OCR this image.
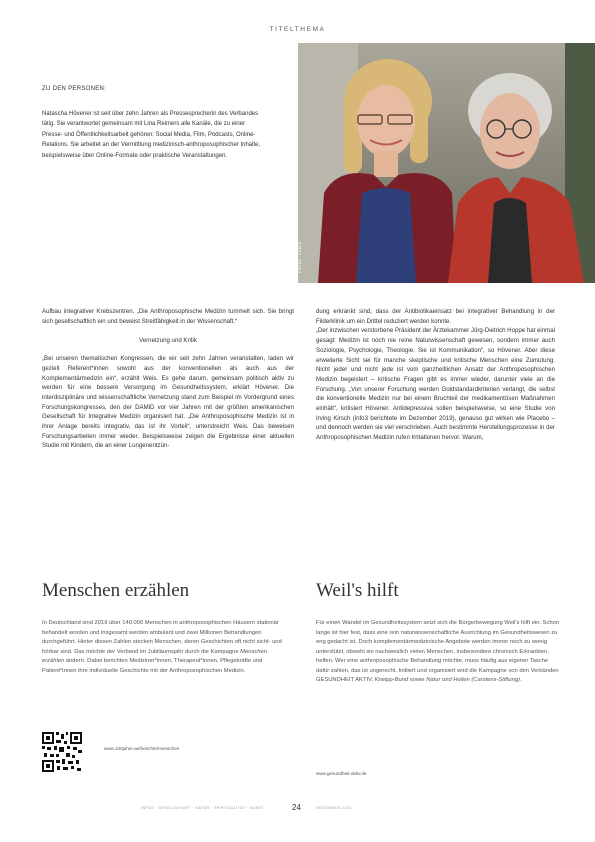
TITELTHEMA
ZU DEN PERSONEN:

Natascha Hövener ist seit über zehn Jahren als Pressesprecherin des Verbandes tätig. Sie verantwortet gemeinsam mit Lina Reimers alle Kanäle, die zu einer Presse- und Öffentlichkeitsarbeit gehören: Social Media, Film, Podcasts, Online-Relations. Sie arbeitet an der Vermittlung medizinisch-anthroposophischer Inhalte, beispielsweise über Online-Formate oder praktische Veranstaltungen.

FOTOS: DAMID

Aufbau integrativer Krebszentren. „Die Anthroposophische Medizin tummelt sich. Sie bringt sich gesellschaftlich ein und beweist Streitfähigkeit in der Wissenschaft.“

Vernetzung und Kritik

„Bei unseren thematischen Kongressen, die wir seit zehn Jahren veranstalten, laden wir gezielt Referent*innen sowohl aus der konventionellen als auch aus der Komplementärmedizin ein“, erzählt Weis. Es gehe darum, gemeinsam politisch aktiv zu werden für eine bessere Versorgung im Gesundheitssystem, erklärt Hövener. Die interdisziplinäre und wissenschaftliche Vernetzung stand zum Beispiel im Vordergrund eines Forschungskongresses, den der DAMiD vor vier Jahren mit der größten amerikanischen Gesellschaft für Integrative Medizin organisiert hat. „Die Anthroposophische Medizin ist in ihrer Anlage bereits integrativ, das ist ihr Vorteil“, unterstreicht Weis. Das beweisen Forschungsarbeiten immer wieder. Beispielsweise zeigen die Ergebnisse einer aktuellen Studie mit Kindern, die an einer Lungenentzün-

dung erkrankt sind, dass der Antibiotikaeinsatz bei integrativer Behandlung in der Filderklinik um ein Drittel reduziert werden konnte.

„Der inzwischen verstorbene Präsident der Ärztekammer Jörg-Dietrich Hoppe hat einmal gesagt: Medizin ist noch nie reine Naturwissenschaft gewesen, sondern immer auch Soziologie, Psychologie, Theologie. Sie ist Kommunikation“, so Hövener. Aber diese erweiterte Sicht sei für manche skeptische und kritische Menschen eine Zumutung. Nicht jeder und nicht jede ist vom ganzheitlichen Ansatz der Anthroposophischen Medizin begeistert – kritische Fragen gibt es immer wieder, darunter viele an die Forschung. „Von unserer Forschung werden Goldstandardkriterien verlangt, die selbst die konventionelle Medizin nur bei einem Bruchteil der medikamentösen Maßnahmen einhält“, kritisiert Hövener. Antidepressiva sollen beispielsweise, so eine Studie von Irving Kirsch (info3 berichtete im Dezember 2019), genauso gut wirken wie Placebo – und dennoch werden sie viel verschrieben. Auch bestimmte Herstellungsprozesse in der Anthroposophischen Medizin rufen Irritationen hervor. Warum,

Menschen erzählen
In Deutschland sind 2019 über 140.000 Menschen in anthroposophischen Häusern stationär behandelt worden und insgesamt werden ambulant und zwei Millionen Behandlungen durchgeführt. Hinter diesen Zahlen stecken Menschen, deren Geschichten oft nicht sicht- und hörbar sind. Das möchte der Verband im Jubiläumsjahr durch die Kampagne Menschen erzählen ändern. Dabei berichten Mediziner*innen, Therapeut*innen, Pflegekräfte und Patient*innen ihre individuelle Geschichte mit der Anthroposophischen Medizin.
Weil's hilft
Für einen Wandel im Gesundheitssystem setzt sich die Bürgerbewegung Weil's hilft ein. Schon lange ist hier fest, dass eine rein naturwissenschaftliche Ausrichtung im Gesundheitswesen zu eng gedacht ist. Doch komplementärmedizinische Angebote werden immer noch zu wenig unterstützt, obwohl sie nachweislich vielen Menschen, insbesondere chronisch Erkrankten, helfen. Wer eine anthroposophische Behandlung möchte, muss häufig aus eigener Tasche dafür zahlen, das ist ungerecht. Initiiert und organisiert wird die Kampagne von den Verbänden GESUNDHEIT AKTIV, Kneipp-Bund sowie Natur und Heilen (Carstens-Stiftung).
www.100jahre.ae/berichte/menschen
www.gesundheit-aktiv.de
INFO3 · GESELLSCHAFT · NATUR · SPIRITUALITÄT · KUNST	24	NOVEMBER 2021
